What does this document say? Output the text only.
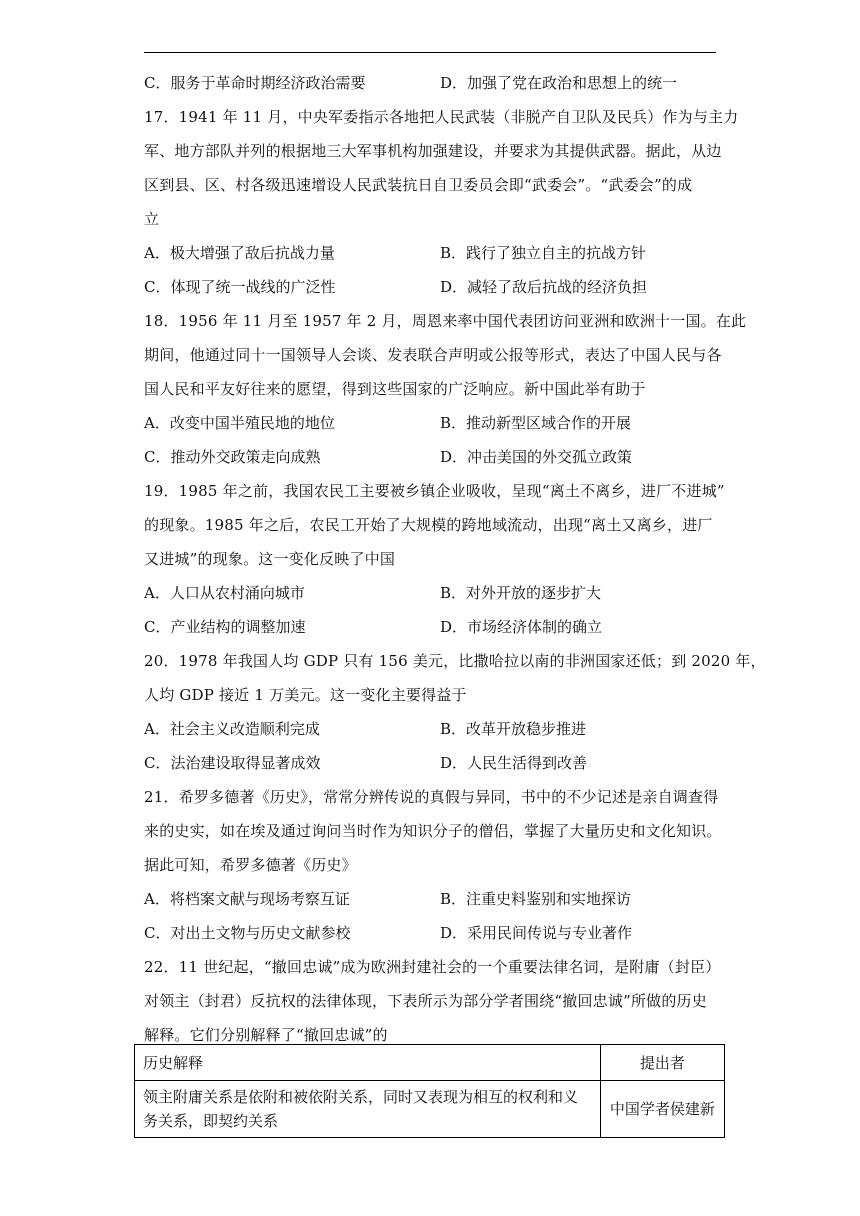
C．服务于革命时期经济政治需要	D．加强了党在政治和思想上的统一
17．1941 年 11 月，中央军委指示各地把人民武装（非脱产自卫队及民兵）作为与主力
军、地方部队并列的根据地三大军事机构加强建设，并要求为其提供武器。据此，从边
区到县、区、村各级迅速增设人民武装抗日自卫委员会即“武委会”。“武委会”的成
立
A．极大增强了敌后抗战力量	B．践行了独立自主的抗战方针
C．体现了统一战线的广泛性	D．减轻了敌后抗战的经济负担
18．1956 年 11 月至 1957 年 2 月，周恩来率中国代表团访问亚洲和欧洲十一国。在此
期间，他通过同十一国领导人会谈、发表联合声明或公报等形式，表达了中国人民与各
国人民和平友好往来的愿望，得到这些国家的广泛响应。新中国此举有助于
A．改变中国半殖民地的地位	B．推动新型区域合作的开展
C．推动外交政策走向成熟	D．冲击美国的外交孤立政策
19．1985 年之前，我国农民工主要被乡镇企业吸收，呈现“离土不离乡，进厂不进城”
的现象。1985 年之后，农民工开始了大规模的跨地域流动，出现“离土又离乡，进厂
又进城”的现象。这一变化反映了中国
A．人口从农村涌向城市	B．对外开放的逐步扩大
C．产业结构的调整加速	D．市场经济体制的确立
20．1978 年我国人均 GDP 只有 156 美元，比撒哈拉以南的非洲国家还低；到 2020 年，
人均 GDP 接近 1 万美元。这一变化主要得益于
A．社会主义改造顺利完成	B．改革开放稳步推进
C．法治建设取得显著成效	D．人民生活得到改善
21．希罗多德著《历史》，常常分辨传说的真假与异同，书中的不少记述是亲自调查得
来的史实，如在埃及通过询问当时作为知识分子的僧侣，掌握了大量历史和文化知识。
据此可知，希罗多德著《历史》
A．将档案文献与现场考察互证	B．注重史料鉴别和实地探访
C．对出土文物与历史文献参校	D．采用民间传说与专业著作
22．11 世纪起，“撤回忠诚”成为欧洲封建社会的一个重要法律名词，是附庸（封臣）
对领主（封君）反抗权的法律体现，下表所示为部分学者围绕“撤回忠诚”所做的历史
解释。它们分别解释了“撤回忠诚”的
历史解释	提出者

领主附庸关系是依附和被依附关系，同时又表现为相互的权利和义
务关系，即契约关系	中国学者侯建新
